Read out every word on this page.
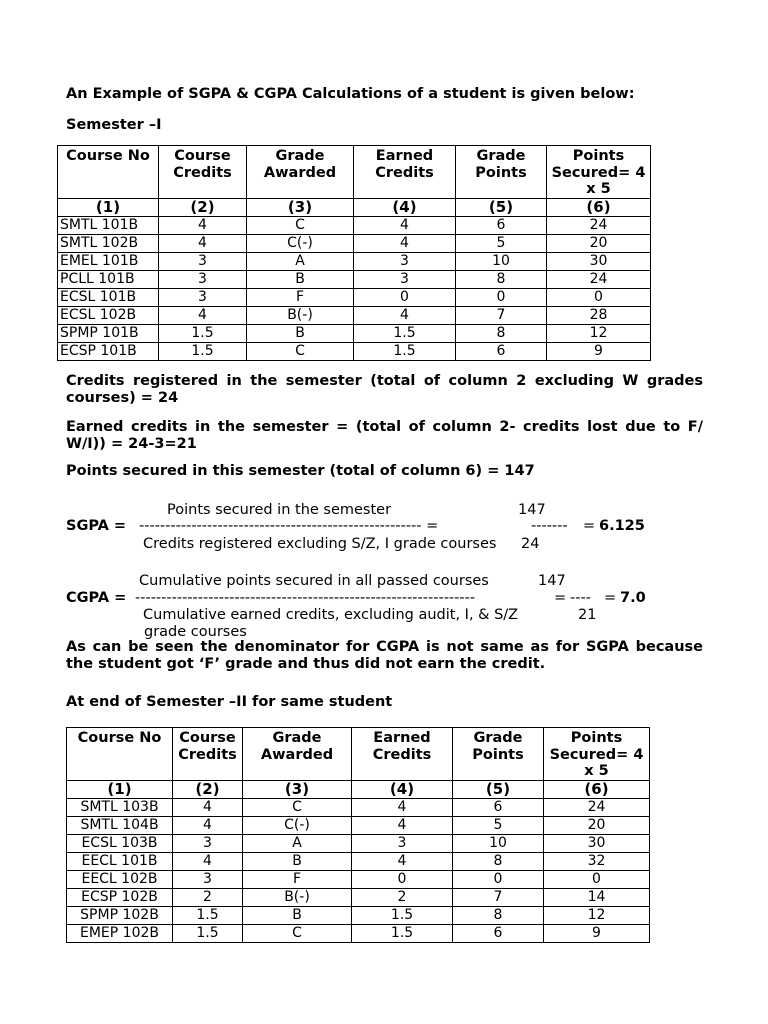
An Example of SGPA & CGPA Calculations of a student is given below:
Semester –I
Course No	Course Credits	Grade Awarded	Earned Credits	Grade Points	Points Secured= 4 x 5
(1)	(2)	(3)	(4)	(5)	(6)
SMTL 101B	4	C	4	6	24
SMTL 102B	4	C(-)	4	5	20
EMEL 101B	3	A	3	10	30
PCLL 101B	3	B	3	8	24
ECSL 101B	3	F	0	0	0
ECSL 102B	4	B(-)	4	7	28
SPMP 101B	1.5	B	1.5	8	12
ECSP 101B	1.5	C	1.5	6	9
Credits registered in the semester (total of column 2 excluding W grades courses) = 24
Earned credits in the semester = (total of column 2- credits lost due to F/ W/I)) = 24-3=21
Points secured in this semester (total of column 6) = 147
Points secured in the semester	147
SGPA = ------------------------------------------------------ =	------- = 6.125
Credits registered excluding S/Z, I grade courses 24
Cumulative points secured in all passed courses	147
CGPA = -----------------------------------------------------------------	= ---- = 7.0
Cumulative earned credits, excluding audit, I, & S/Z	21
grade courses
As can be seen the denominator for CGPA is not same as for SGPA because the student got ‘F’ grade and thus did not earn the credit.
At end of Semester –II for same student
Course No	Course Credits	Grade Awarded	Earned Credits	Grade Points	Points Secured= 4 x 5
(1)	(2)	(3)	(4)	(5)	(6)
SMTL 103B	4	C	4	6	24
SMTL 104B	4	C(-)	4	5	20
ECSL 103B	3	A	3	10	30
EECL 101B	4	B	4	8	32
EECL 102B	3	F	0	0	0
ECSP 102B	2	B(-)	2	7	14
SPMP 102B	1.5	B	1.5	8	12
EMEP 102B	1.5	C	1.5	6	9
